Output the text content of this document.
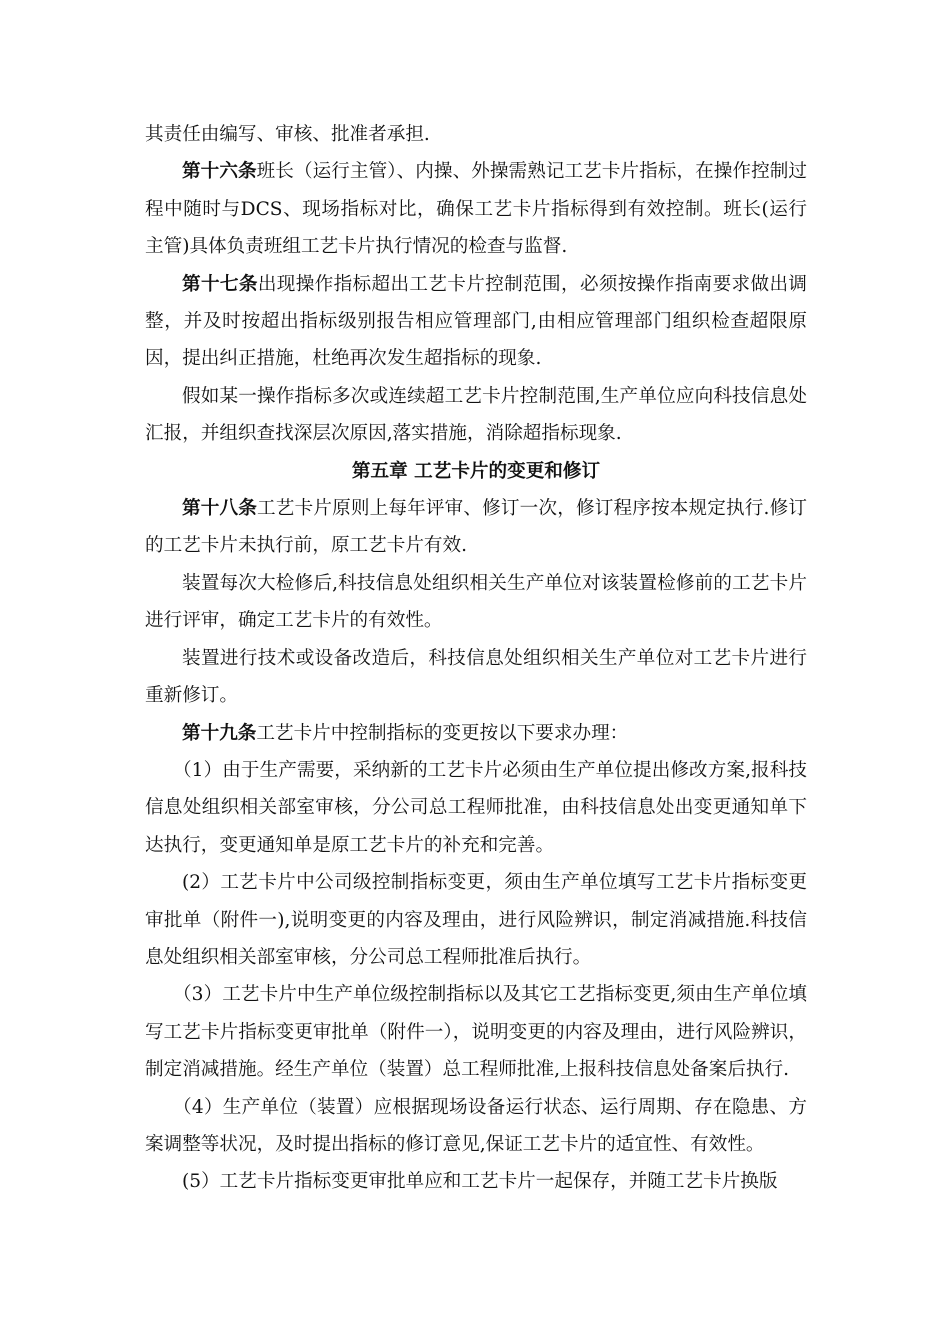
其责任由编写、审核、批准者承担.

第十六条班长（运行主管）、内操、外操需熟记工艺卡片指标，在操作控制过程中随时与DCS、现场指标对比，确保工艺卡片指标得到有效控制。班长(运行主管)具体负责班组工艺卡片执行情况的检查与监督.

第十七条出现操作指标超出工艺卡片控制范围，必须按操作指南要求做出调整，并及时按超出指标级别报告相应管理部门,由相应管理部门组织检查超限原因，提出纠正措施，杜绝再次发生超指标的现象.

假如某一操作指标多次或连续超工艺卡片控制范围,生产单位应向科技信息处汇报，并组织查找深层次原因,落实措施，消除超指标现象.

第五章 工艺卡片的变更和修订

第十八条工艺卡片原则上每年评审、修订一次，修订程序按本规定执行.修订的工艺卡片未执行前，原工艺卡片有效.

装置每次大检修后,科技信息处组织相关生产单位对该装置检修前的工艺卡片进行评审，确定工艺卡片的有效性。

装置进行技术或设备改造后，科技信息处组织相关生产单位对工艺卡片进行重新修订。

第十九条工艺卡片中控制指标的变更按以下要求办理：

（1）由于生产需要，采纳新的工艺卡片必须由生产单位提出修改方案,报科技信息处组织相关部室审核，分公司总工程师批准，由科技信息处出变更通知单下达执行，变更通知单是原工艺卡片的补充和完善。

(2）工艺卡片中公司级控制指标变更，须由生产单位填写工艺卡片指标变更审批单（附件一),说明变更的内容及理由，进行风险辨识，制定消减措施.科技信息处组织相关部室审核，分公司总工程师批准后执行。

（3）工艺卡片中生产单位级控制指标以及其它工艺指标变更,须由生产单位填写工艺卡片指标变更审批单（附件一），说明变更的内容及理由，进行风险辨识，制定消减措施。经生产单位（装置）总工程师批准,上报科技信息处备案后执行.

（4）生产单位（装置）应根据现场设备运行状态、运行周期、存在隐患、方案调整等状况，及时提出指标的修订意见,保证工艺卡片的适宜性、有效性。

(5）工艺卡片指标变更审批单应和工艺卡片一起保存，并随工艺卡片换版
